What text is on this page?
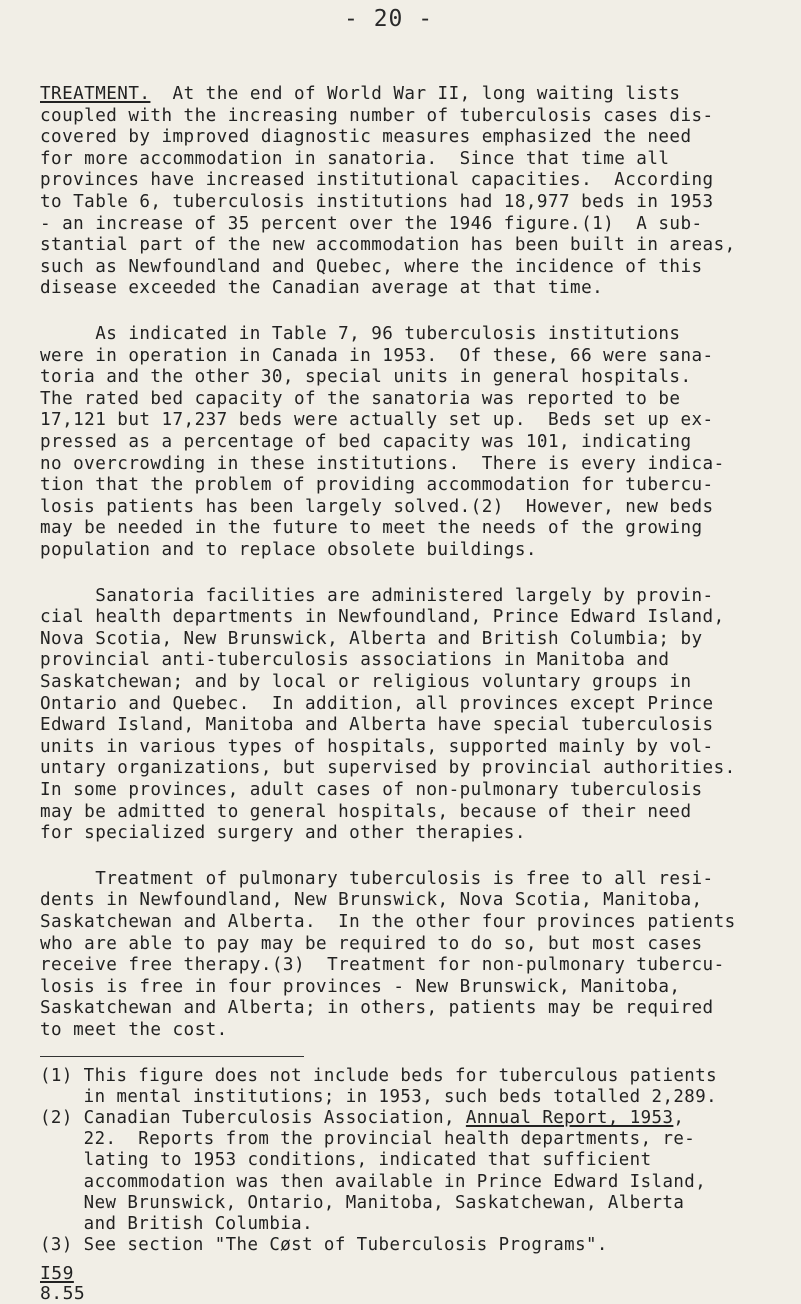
- 20 -
TREATMENT.  At the end of World War II, long waiting lists
coupled with the increasing number of tuberculosis cases dis-
covered by improved diagnostic measures emphasized the need
for more accommodation in sanatoria.  Since that time all
provinces have increased institutional capacities.  According
to Table 6, tuberculosis institutions had 18,977 beds in 1953
- an increase of 35 percent over the 1946 figure.(1)  A sub-
stantial part of the new accommodation has been built in areas,
such as Newfoundland and Quebec, where the incidence of this
disease exceeded the Canadian average at that time.
As indicated in Table 7, 96 tuberculosis institutions
were in operation in Canada in 1953.  Of these, 66 were sana-
toria and the other 30, special units in general hospitals.
The rated bed capacity of the sanatoria was reported to be
17,121 but 17,237 beds were actually set up.  Beds set up ex-
pressed as a percentage of bed capacity was 101, indicating
no overcrowding in these institutions.  There is every indica-
tion that the problem of providing accommodation for tubercu-
losis patients has been largely solved.(2)  However, new beds
may be needed in the future to meet the needs of the growing
population and to replace obsolete buildings.
Sanatoria facilities are administered largely by provin-
cial health departments in Newfoundland, Prince Edward Island,
Nova Scotia, New Brunswick, Alberta and British Columbia; by
provincial anti-tuberculosis associations in Manitoba and
Saskatchewan; and by local or religious voluntary groups in
Ontario and Quebec.  In addition, all provinces except Prince
Edward Island, Manitoba and Alberta have special tuberculosis
units in various types of hospitals, supported mainly by vol-
untary organizations, but supervised by provincial authorities.
In some provinces, adult cases of non-pulmonary tuberculosis
may be admitted to general hospitals, because of their need
for specialized surgery and other therapies.
Treatment of pulmonary tuberculosis is free to all resi-
dents in Newfoundland, New Brunswick, Nova Scotia, Manitoba,
Saskatchewan and Alberta.  In the other four provinces patients
who are able to pay may be required to do so, but most cases
receive free therapy.(3)  Treatment for non-pulmonary tubercu-
losis is free in four provinces - New Brunswick, Manitoba,
Saskatchewan and Alberta; in others, patients may be required
to meet the cost.
(1) This figure does not include beds for tuberculous patients
in mental institutions; in 1953, such beds totalled 2,289.
(2) Canadian Tuberculosis Association, Annual Report, 1953,
22.  Reports from the provincial health departments, re-
lating to 1953 conditions, indicated that sufficient
accommodation was then available in Prince Edward Island,
New Brunswick, Ontario, Manitoba, Saskatchewan, Alberta
and British Columbia.
(3) See section "The Cøst of Tuberculosis Programs".
I59
8.55
